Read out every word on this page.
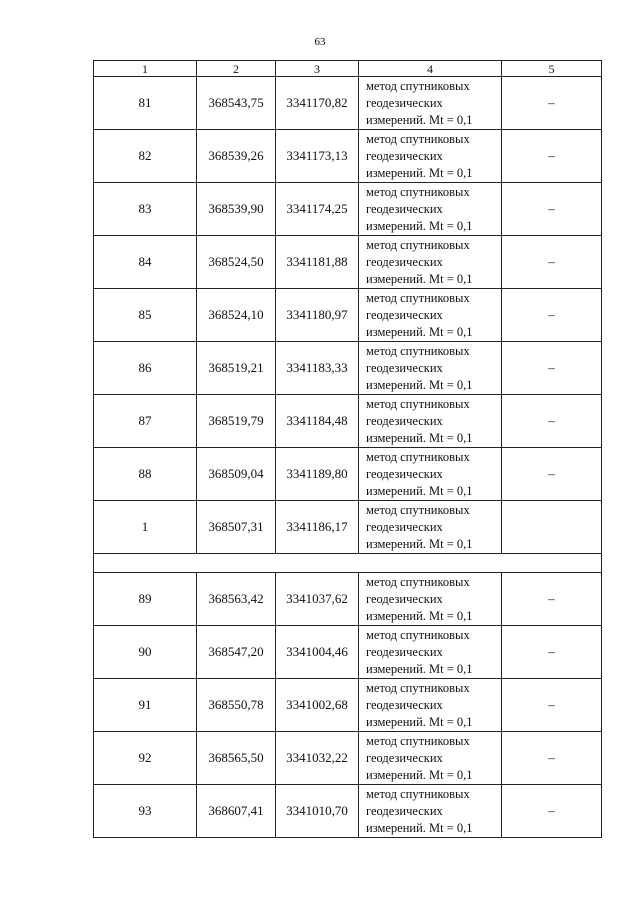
63
1	2	3	4	5
81	368543,75	3341170,82	метод спутниковых
геодезических
измерений. Mt = 0,1	–
82	368539,26	3341173,13	метод спутниковых
геодезических
измерений. Mt = 0,1	–
83	368539,90	3341174,25	метод спутниковых
геодезических
измерений. Mt = 0,1	–
84	368524,50	3341181,88	метод спутниковых
геодезических
измерений. Mt = 0,1	–
85	368524,10	3341180,97	метод спутниковых
геодезических
измерений. Mt = 0,1	–
86	368519,21	3341183,33	метод спутниковых
геодезических
измерений. Mt = 0,1	–
87	368519,79	3341184,48	метод спутниковых
геодезических
измерений. Mt = 0,1	–
88	368509,04	3341189,80	метод спутниковых
геодезических
измерений. Mt = 0,1	–
1	368507,31	3341186,17	метод спутниковых
геодезических
измерений. Mt = 0,1	

89	368563,42	3341037,62	метод спутниковых
геодезических
измерений. Mt = 0,1	–
90	368547,20	3341004,46	метод спутниковых
геодезических
измерений. Mt = 0,1	–
91	368550,78	3341002,68	метод спутниковых
геодезических
измерений. Mt = 0,1	–
92	368565,50	3341032,22	метод спутниковых
геодезических
измерений. Mt = 0,1	–
93	368607,41	3341010,70	метод спутниковых
геодезических
измерений. Mt = 0,1	–
